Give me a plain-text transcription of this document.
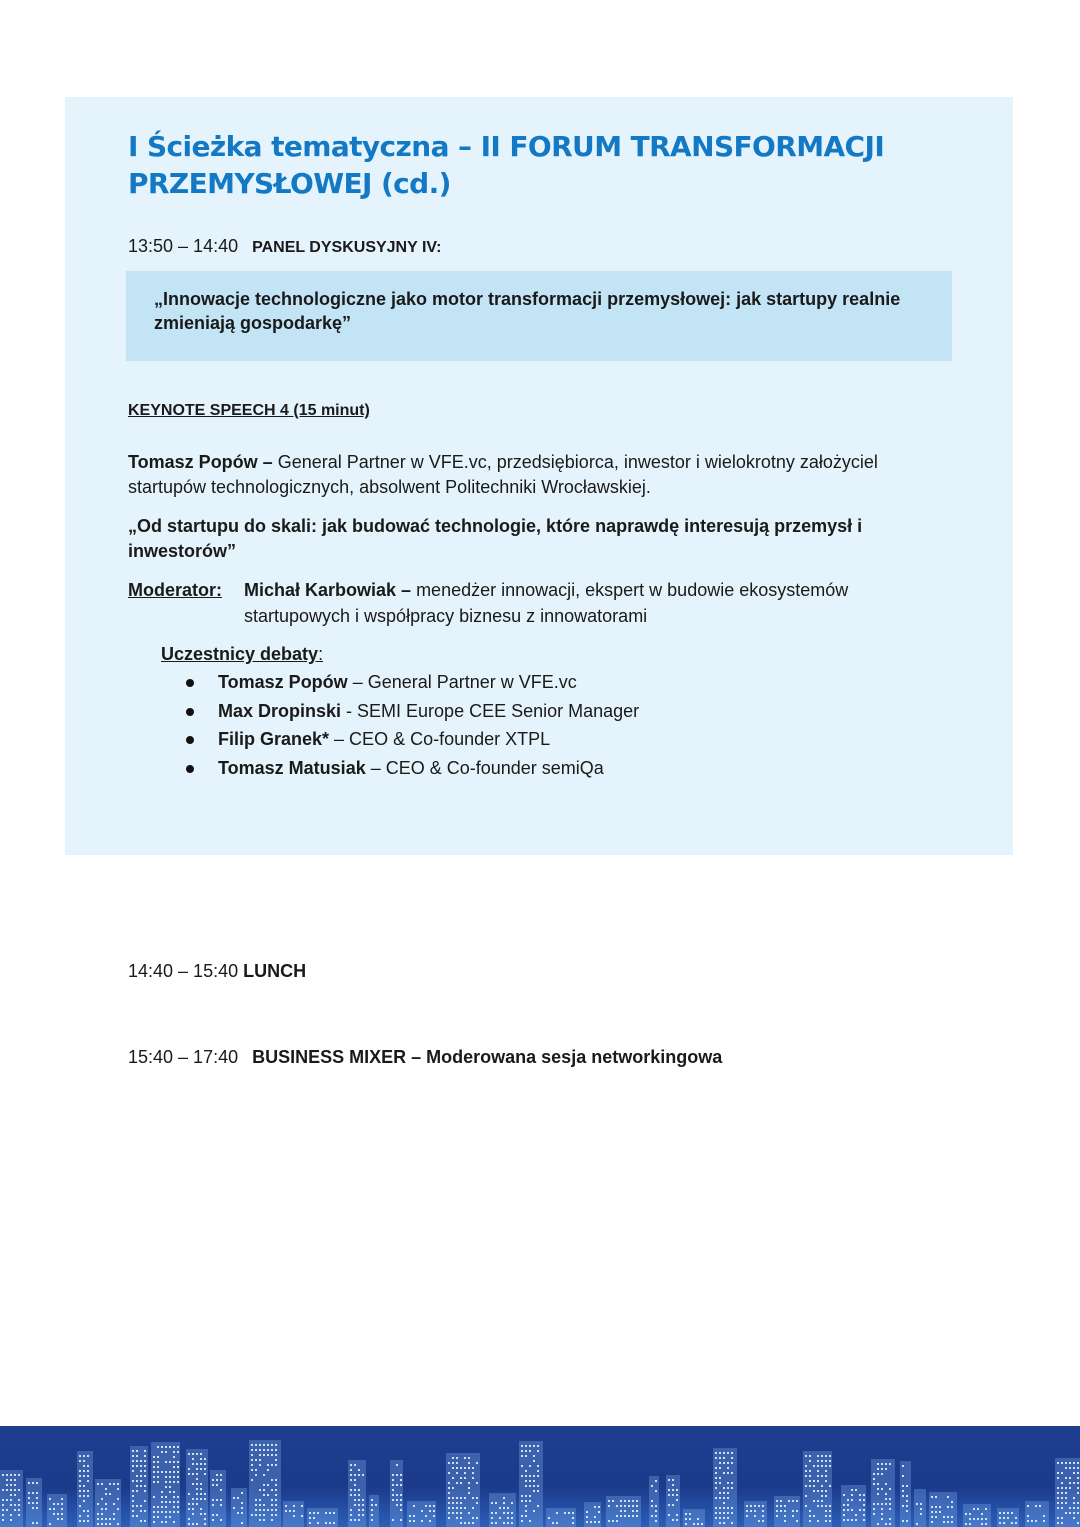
I Ścieżka tematyczna – II FORUM TRANSFORMACJI PRZEMYSŁOWEJ (cd.)
13:50 – 14:40 PANEL DYSKUSYJNY IV:
„Innowacje technologiczne jako motor transformacji przemysłowej: jak startupy realnie zmieniają gospodarkę”
KEYNOTE SPEECH 4 (15 minut)
Tomasz Popów – General Partner w VFE.vc, przedsiębiorca, inwestor i wielokrotny założyciel startupów technologicznych, absolwent Politechniki Wrocławskiej.
„Od startupu do skali: jak budować technologie, które naprawdę interesują przemysł i inwestorów”
Moderator: Michał Karbowiak – menedżer innowacji, ekspert w budowie ekosystemów startupowych i współpracy biznesu z innowatorami
Uczestnicy debaty:
Tomasz Popów – General Partner w VFE.vc
Max Dropinski - SEMI Europe CEE Senior Manager
Filip Granek* – CEO & Co-founder XTPL
Tomasz Matusiak – CEO & Co-founder semiQa
14:40 – 15:40 LUNCH
15:40 – 17:40 BUSINESS MIXER – Moderowana sesja networkingowa
